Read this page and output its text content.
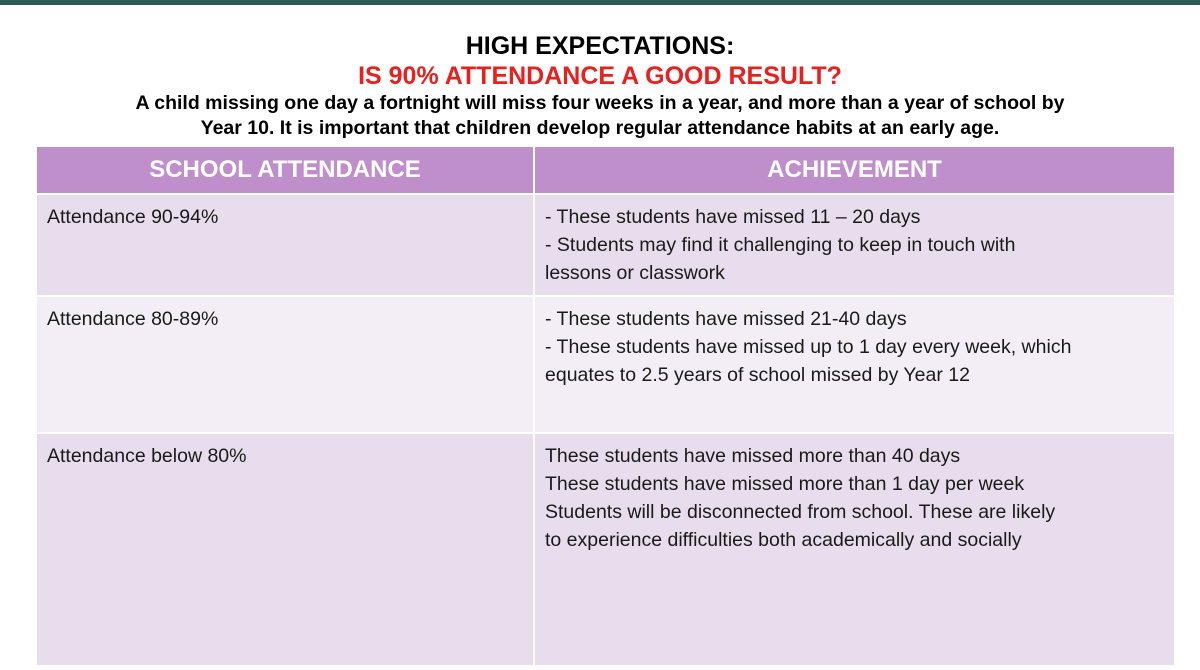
HIGH EXPECTATIONS:
IS 90% ATTENDANCE A GOOD RESULT?
A child missing one day a fortnight will miss four weeks in a year, and more than a year of school by
Year 10. It is important that children develop regular attendance habits at an early age.
SCHOOL ATTENDANCE	ACHIEVEMENT
Attendance 90-94%	- These students have missed 11 – 20 days
- Students may find it challenging to keep in touch with
lessons or classwork
Attendance 80-89%	- These students have missed 21-40 days
- These students have missed up to 1 day every week, which
equates to 2.5 years of school missed by Year 12
Attendance below 80%	These students have missed more than 40 days
These students have missed more than 1 day per week
Students will be disconnected from school. These are likely
to experience difficulties both academically and socially
